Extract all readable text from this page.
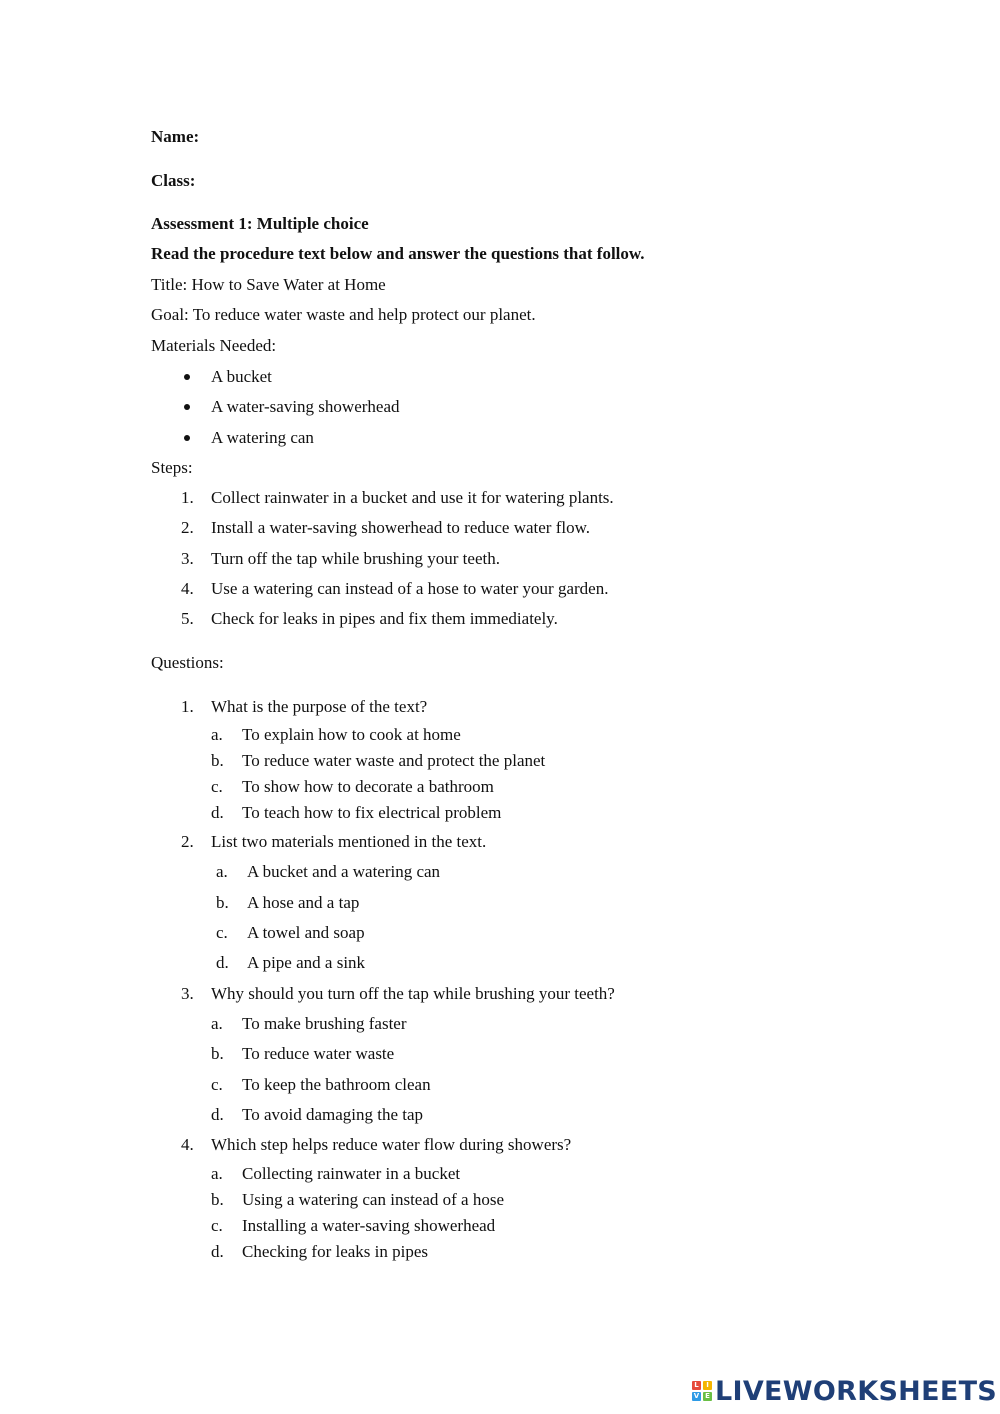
Name:
Class:
Assessment 1: Multiple choice
Read the procedure text below and answer the questions that follow.
Title: How to Save Water at Home
Goal: To reduce water waste and help protect our planet.
Materials Needed:
A bucket
A water-saving showerhead
A watering can
Steps:
1. Collect rainwater in a bucket and use it for watering plants.
2. Install a water-saving showerhead to reduce water flow.
3. Turn off the tap while brushing your teeth.
4. Use a watering can instead of a hose to water your garden.
5. Check for leaks in pipes and fix them immediately.
Questions:
1. What is the purpose of the text?
a. To explain how to cook at home
b. To reduce water waste and protect the planet
c. To show how to decorate a bathroom
d. To teach how to fix electrical problem
2. List two materials mentioned in the text.
a. A bucket and a watering can
b. A hose and a tap
c. A towel and soap
d. A pipe and a sink
3. Why should you turn off the tap while brushing your teeth?
a. To make brushing faster
b. To reduce water waste
c. To keep the bathroom clean
d. To avoid damaging the tap
4. Which step helps reduce water flow during showers?
a. Collecting rainwater in a bucket
b. Using a watering can instead of a hose
c. Installing a water-saving showerhead
d. Checking for leaks in pipes
L	I
V E LIVEWORKSHEETS
